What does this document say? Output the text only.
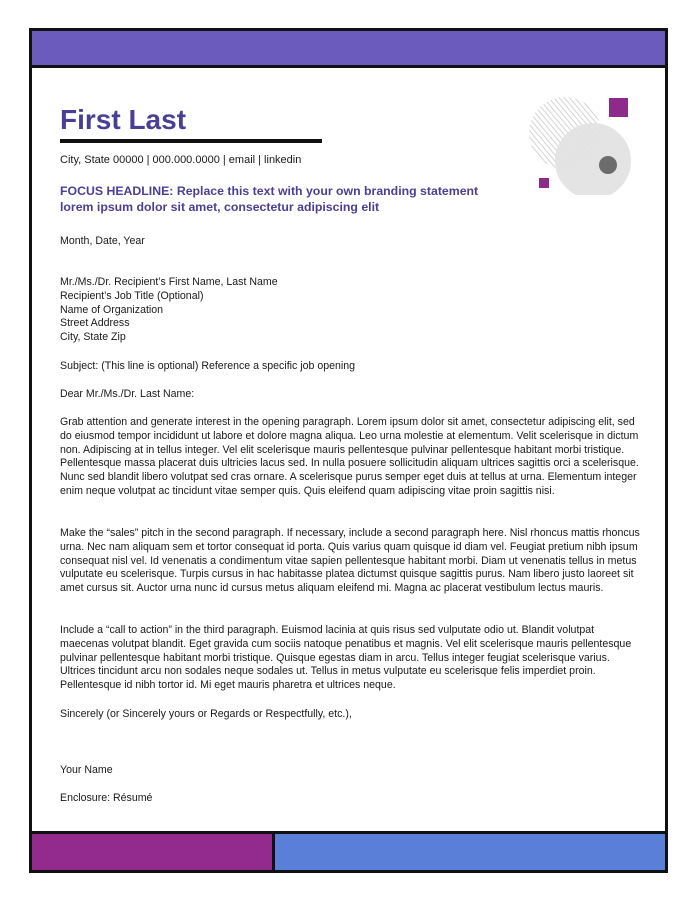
First Last
City, State 00000 | 000.000.0000 | email | linkedin
FOCUS HEADLINE: Replace this text with your own branding statement
lorem ipsum dolor sit amet, consectetur adipiscing elit
Month, Date, Year
Mr./Ms./Dr. Recipient’s First Name, Last Name
Recipient’s Job Title (Optional)
Name of Organization
Street Address
City, State Zip
Subject: (This line is optional) Reference a specific job opening
Dear Mr./Ms./Dr. Last Name:

Grab attention and generate interest in the opening paragraph. Lorem ipsum dolor sit amet, consectetur adipiscing elit, sed do eiusmod tempor incididunt ut labore et dolore magna aliqua. Leo urna molestie at elementum. Velit scelerisque in dictum non. Adipiscing at in tellus integer. Vel elit scelerisque mauris pellentesque pulvinar pellentesque habitant morbi tristique. Pellentesque massa placerat duis ultricies lacus sed. In nulla posuere sollicitudin aliquam ultrices sagittis orci a scelerisque. Nunc sed blandit libero volutpat sed cras ornare. A scelerisque purus semper eget duis at tellus at urna. Elementum integer enim neque volutpat ac tincidunt vitae semper quis. Quis eleifend quam adipiscing vitae proin sagittis nisi.

Make the “sales” pitch in the second paragraph. If necessary, include a second paragraph here. Nisl rhoncus mattis rhoncus urna. Nec nam aliquam sem et tortor consequat id porta. Quis varius quam quisque id diam vel. Feugiat pretium nibh ipsum consequat nisl vel. Id venenatis a condimentum vitae sapien pellentesque habitant morbi. Diam ut venenatis tellus in metus vulputate eu scelerisque. Turpis cursus in hac habitasse platea dictumst quisque sagittis purus. Nam libero justo laoreet sit amet cursus sit. Auctor urna nunc id cursus metus aliquam eleifend mi. Magna ac placerat vestibulum lectus mauris.

Include a “call to action” in the third paragraph. Euismod lacinia at quis risus sed vulputate odio ut. Blandit volutpat maecenas volutpat blandit. Eget gravida cum sociis natoque penatibus et magnis. Vel elit scelerisque mauris pellentesque pulvinar pellentesque habitant morbi tristique. Quisque egestas diam in arcu. Tellus integer feugiat scelerisque varius. Ultrices tincidunt arcu non sodales neque sodales ut. Tellus in metus vulputate eu scelerisque felis imperdiet proin. Pellentesque id nibh tortor id. Mi eget mauris pharetra et ultrices neque.

Sincerely (or Sincerely yours or Regards or Respectfully, etc.),
Your Name
Enclosure: Résumé
